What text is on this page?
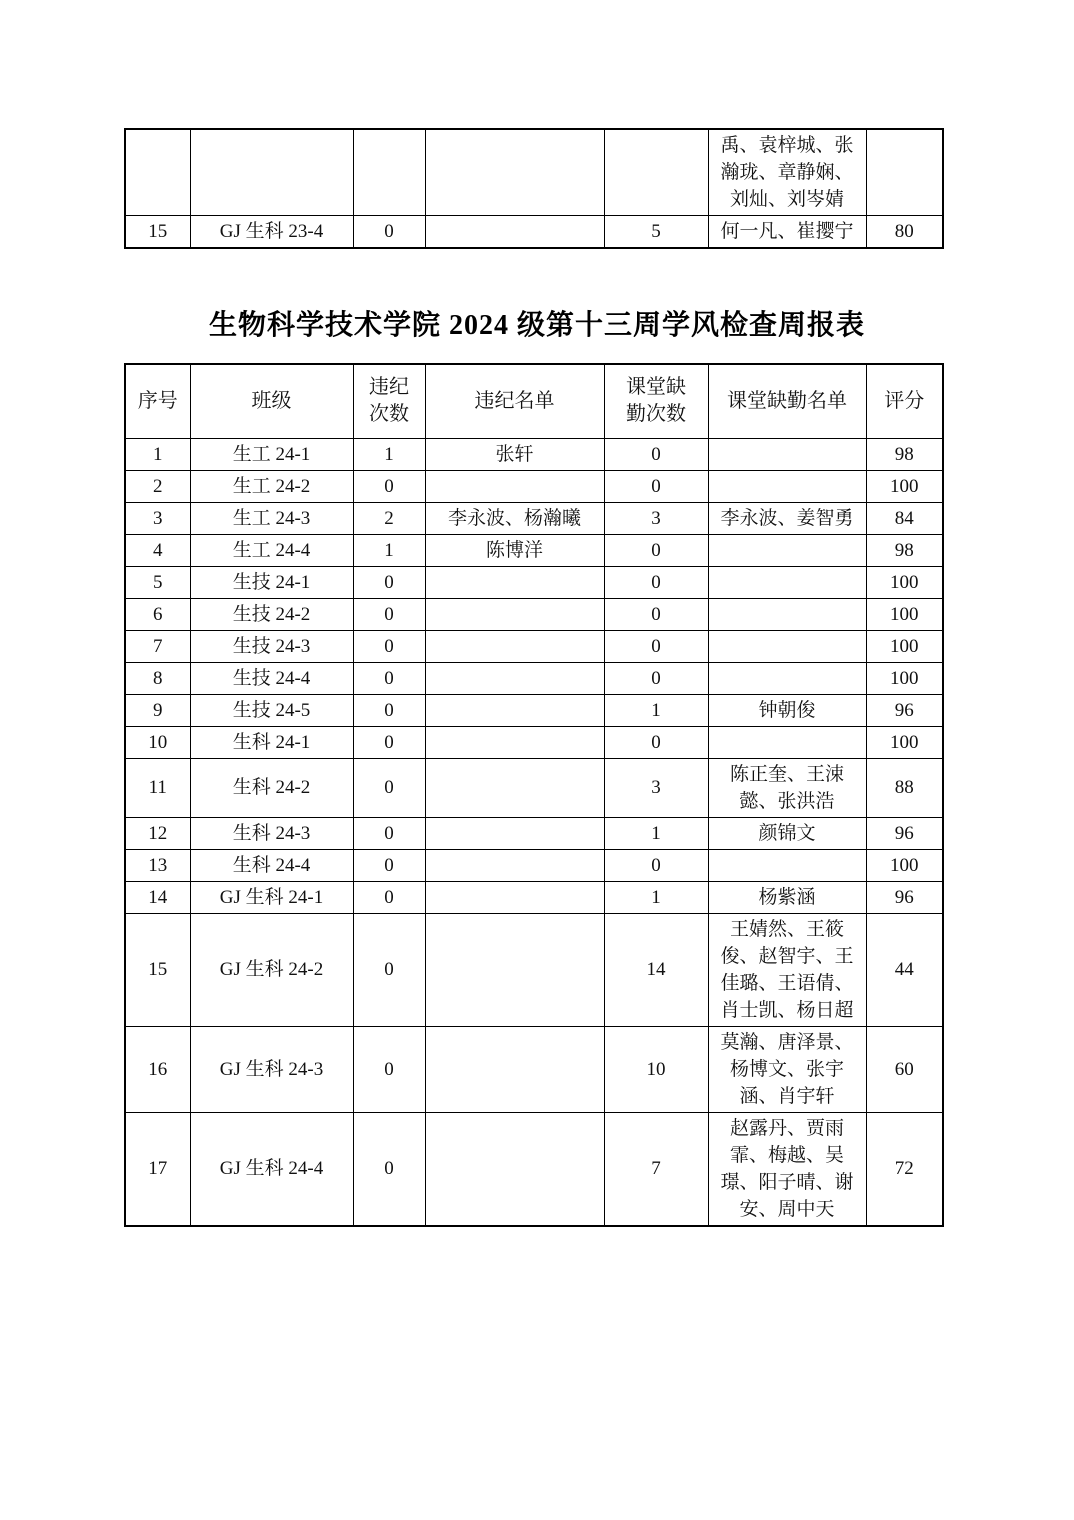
					禹、袁梓城、张瀚珑、章静娴、刘灿、刘岑婧	
15	GJ 生科 23-4	0		5	何一凡、崔撄宁	80
生物科学技术学院 2024 级第十三周学风检查周报表
序号	班级	违纪次数	违纪名单	课堂缺勤次数	课堂缺勤名单	评分
1	生工 24-1	1	张轩	0		98
2	生工 24-2	0		0		100
3	生工 24-3	2	李永波、杨瀚曦	3	李永波、姜智勇	84
4	生工 24-4	1	陈博洋	0		98
5	生技 24-1	0		0		100
6	生技 24-2	0		0		100
7	生技 24-3	0		0		100
8	生技 24-4	0		0		100
9	生技 24-5	0		1	钟朝俊	96
10	生科 24-1	0		0		100
11	生科 24-2	0		3	陈正奎、王涑懿、张洪浩	88
12	生科 24-3	0		1	颜锦文	96
13	生科 24-4	0		0		100
14	GJ 生科 24-1	0		1	杨紫涵	96
15	GJ 生科 24-2	0		14	王婧然、王筱俊、赵智宇、王佳璐、王语倩、肖士凯、杨日超	44
16	GJ 生科 24-3	0		10	莫瀚、唐泽景、杨博文、张宇涵、肖宇轩	60
17	GJ 生科 24-4	0		7	赵露丹、贾雨霏、梅越、吴璟、阳子晴、谢安、周中天	72
